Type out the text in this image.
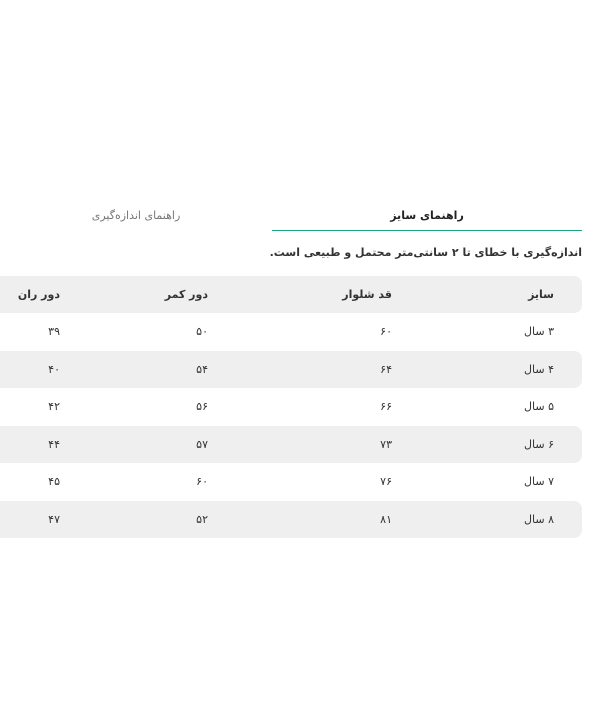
راهنمای سایز
راهنمای اندازه‌گیری
اندازه‌گیری با خطای تا ۲ سانتی‌متر محتمل و طبیعی است.
سایز
قد شلوار
دور کمر
دور ران
۳ سال
۶۰
۵۰
۳۹
۴ سال
۶۴
۵۴
۴۰
۵ سال
۶۶
۵۶
۴۲
۶ سال
۷۳
۵۷
۴۴
۷ سال
۷۶
۶۰
۴۵
۸ سال
۸۱
۵۲
۴۷
